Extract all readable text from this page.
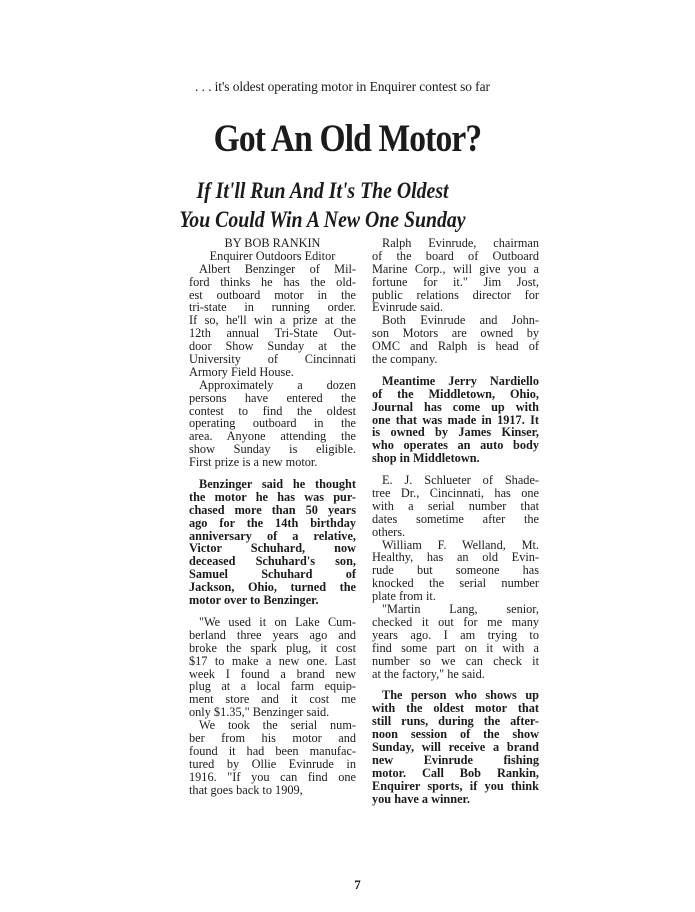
. . . it's oldest operating motor in Enquirer contest so far
Got An Old Motor?
If It'll Run And It's The Oldest
You Could Win A New One Sunday
BY BOB RANKIN
Enquirer Outdoors Editor
Albert Benzinger of Mil-
ford thinks he has the old-
est outboard motor in the
tri-state in running order.
If so, he'll win a prize at the
12th annual Tri-State Out-
door Show Sunday at the
University of Cincinnati
Armory Field House.
Approximately a dozen
persons have entered the
contest to find the oldest
operating outboard in the
area. Anyone attending the
show Sunday is eligible.
First prize is a new motor.
Benzinger said he thought
the motor he has was pur-
chased more than 50 years
ago for the 14th birthday
anniversary of a relative,
Victor Schuhard, now
deceased Schuhard's son,
Samuel Schuhard of
Jackson, Ohio, turned the
motor over to Benzinger.
"We used it on Lake Cum-
berland three years ago and
broke the spark plug, it cost
$17 to make a new one. Last
week I found a brand new
plug at a local farm equip-
ment store and it cost me
only $1.35," Benzinger said.
We took the serial num-
ber from his motor and
found it had been manufac-
tured by Ollie Evinrude in
1916. "If you can find one
that goes back to 1909,
Ralph Evinrude, chairman
of the board of Outboard
Marine Corp., will give you a
fortune for it." Jim Jost,
public relations director for
Evinrude said.
Both Evinrude and John-
son Motors are owned by
OMC and Ralph is head of
the company.
Meantime Jerry Nardiello
of the Middletown, Ohio,
Journal has come up with
one that was made in 1917. It
is owned by James Kinser,
who operates an auto body
shop in Middletown.
E. J. Schlueter of Shade-
tree Dr., Cincinnati, has one
with a serial number that
dates sometime after the
others.
William F. Welland, Mt.
Healthy, has an old Evin-
rude but someone has
knocked the serial number
plate from it.
"Martin Lang, senior,
checked it out for me many
years ago. I am trying to
find some part on it with a
number so we can check it
at the factory," he said.
The person who shows up
with the oldest motor that
still runs, during the after-
noon session of the show
Sunday, will receive a brand
new Evinrude fishing
motor. Call Bob Rankin,
Enquirer sports, if you think
you have a winner.
7
